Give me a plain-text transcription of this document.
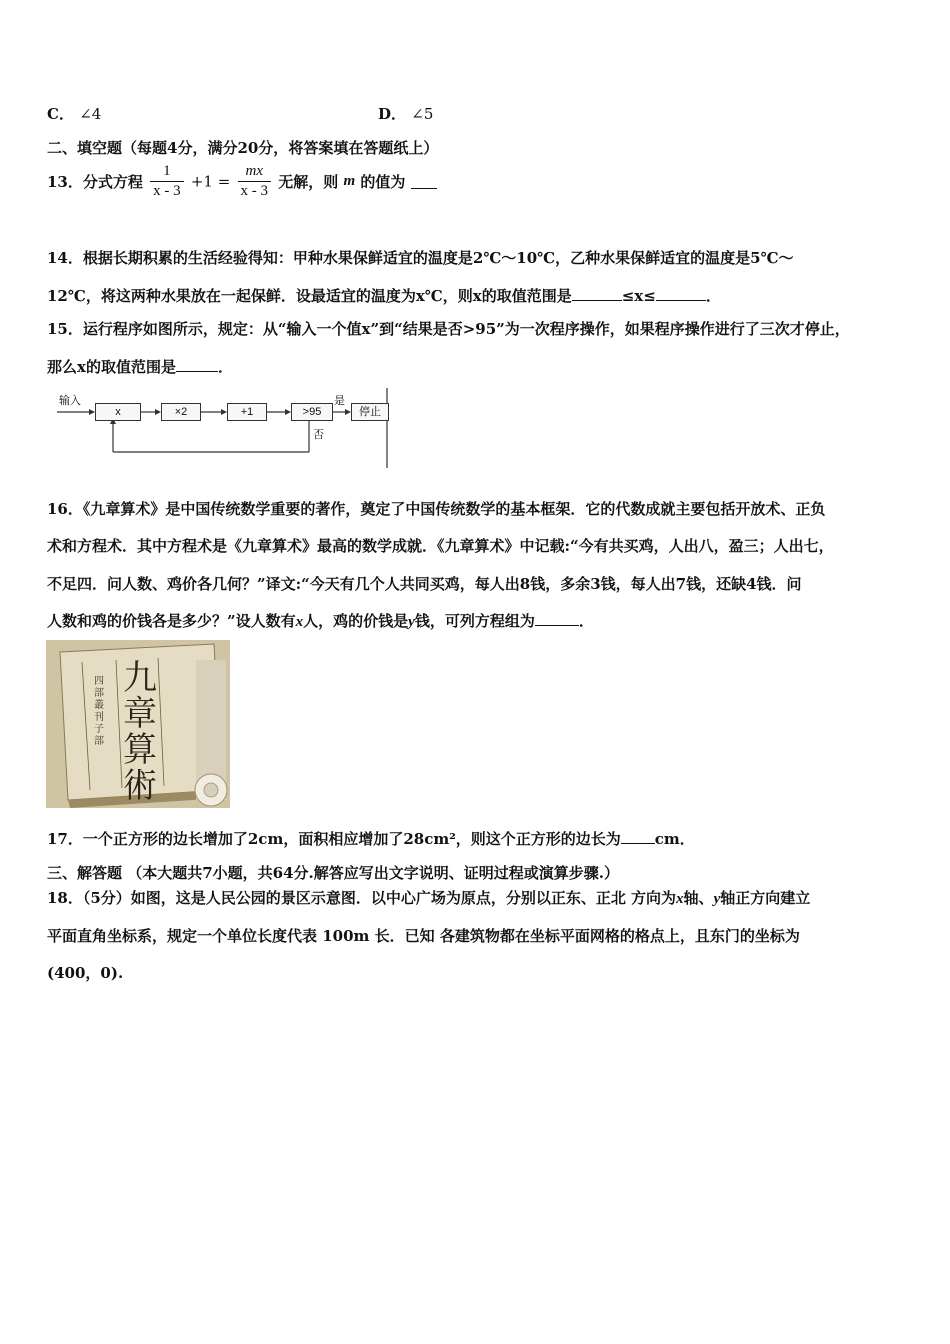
C． ∠4	D． ∠5
二、填空题（每题4分，满分20分，将答案填在答题纸上）
13．分式方程 $\frac{1}{x - 3} +1 = \frac{mx}{x - 3}$ 无解，则 m 的值为
14．根据长期积累的生活经验得知：甲种水果保鲜适宜的温度是2℃～10℃，乙种水果保鲜适宜的温度是5℃～
12℃，将这两种水果放在一起保鲜．设最适宜的温度为x℃，则x的取值范围是	≤x≤	．
15．运行程序如图所示，规定：从“输入一个值x”到“结果是否>95”为一次程序操作，如果程序操作进行了三次才停止，
那么x的取值范围是	．
输入
x	×2	+1	>95
是
否
停止
16．《九章算术》是中国传统数学重要的著作，奠定了中国传统数学的基本框架．它的代数成就主要包括开放术、正负
术和方程术．其中方程术是《九章算术》最高的数学成就．《九章算术》中记载:“今有共买鸡，人出八，盈三；人出七，
不足四．问人数、鸡价各几何？”译文:“今天有几个人共同买鸡，每人出8钱，多余3钱，每人出7钱，还缺4钱．问
人数和鸡的价钱各是多少？”设人数有x人，鸡的价钱是y钱，可列方程组为	．
九章算術
四部叢刊子部
17．一个正方形的边长增加了2cm，面积相应增加了28cm²，则这个正方形的边长为 cm．
三、解答题 （本大题共7小题，共64分.解答应写出文字说明、证明过程或演算步骤.）
18．（5分）如图，这是人民公园的景区示意图．以中心广场为原点，分别以正东、正北 方向为x轴、y轴正方向建立
平面直角坐标系，规定一个单位长度代表 100m 长．已知 各建筑物都在坐标平面网格的格点上，且东门的坐标为
(400，0).
